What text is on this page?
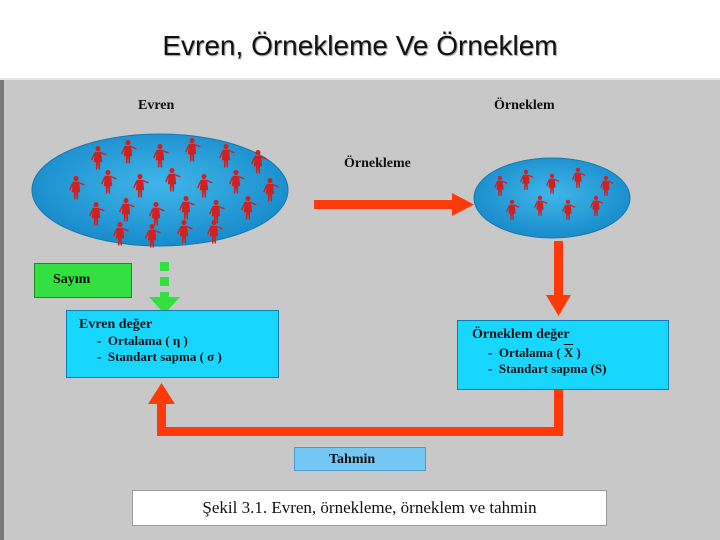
Evren, Örnekleme Ve Örneklem
Evren	Örneklem
Örnekleme
Sayım
Evren değer
- Ortalama ( η )
- Standart sapma ( σ )
Örneklem değer
- Ortalama ( $\overline{X}$ )
- Standart sapma (S)
Tahmin
Şekil 3.1. Evren, örnekleme, örneklem ve tahmin
